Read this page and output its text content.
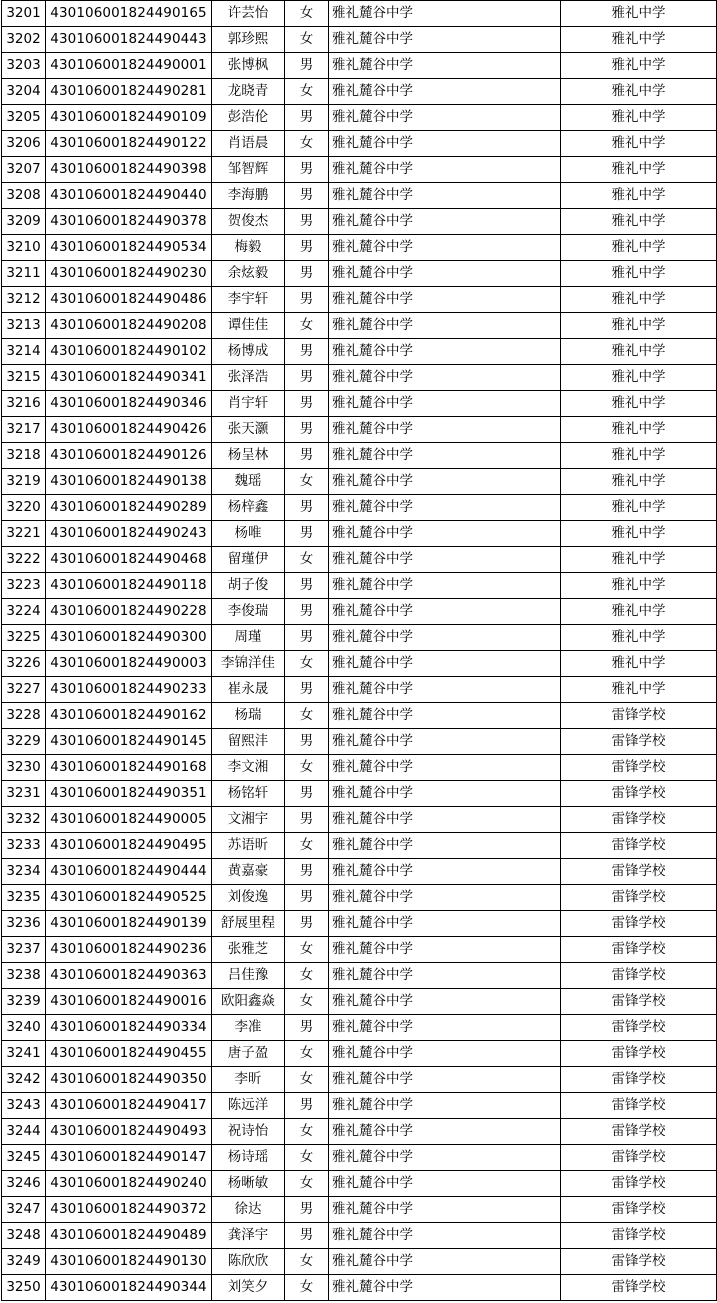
3201	430106001824490165	许芸怡	女	雅礼麓谷中学	雅礼中学
3202	430106001824490443	郭珍熙	女	雅礼麓谷中学	雅礼中学
3203	430106001824490001	张博枫	男	雅礼麓谷中学	雅礼中学
3204	430106001824490281	龙晓青	女	雅礼麓谷中学	雅礼中学
3205	430106001824490109	彭浩伦	男	雅礼麓谷中学	雅礼中学
3206	430106001824490122	肖语晨	女	雅礼麓谷中学	雅礼中学
3207	430106001824490398	邹智辉	男	雅礼麓谷中学	雅礼中学
3208	430106001824490440	李海鹏	男	雅礼麓谷中学	雅礼中学
3209	430106001824490378	贺俊杰	男	雅礼麓谷中学	雅礼中学
3210	430106001824490534	梅毅	男	雅礼麓谷中学	雅礼中学
3211	430106001824490230	余炫毅	男	雅礼麓谷中学	雅礼中学
3212	430106001824490486	李宇轩	男	雅礼麓谷中学	雅礼中学
3213	430106001824490208	谭佳佳	女	雅礼麓谷中学	雅礼中学
3214	430106001824490102	杨博成	男	雅礼麓谷中学	雅礼中学
3215	430106001824490341	张泽浩	男	雅礼麓谷中学	雅礼中学
3216	430106001824490346	肖宇轩	男	雅礼麓谷中学	雅礼中学
3217	430106001824490426	张天灏	男	雅礼麓谷中学	雅礼中学
3218	430106001824490126	杨呈林	男	雅礼麓谷中学	雅礼中学
3219	430106001824490138	魏瑶	女	雅礼麓谷中学	雅礼中学
3220	430106001824490289	杨梓鑫	男	雅礼麓谷中学	雅礼中学
3221	430106001824490243	杨唯	男	雅礼麓谷中学	雅礼中学
3222	430106001824490468	留瑾伊	女	雅礼麓谷中学	雅礼中学
3223	430106001824490118	胡子俊	男	雅礼麓谷中学	雅礼中学
3224	430106001824490228	李俊瑞	男	雅礼麓谷中学	雅礼中学
3225	430106001824490300	周瑾	男	雅礼麓谷中学	雅礼中学
3226	430106001824490003	李锦洋佳	女	雅礼麓谷中学	雅礼中学
3227	430106001824490233	崔永晟	男	雅礼麓谷中学	雅礼中学
3228	430106001824490162	杨瑞	女	雅礼麓谷中学	雷锋学校
3229	430106001824490145	留熙沣	男	雅礼麓谷中学	雷锋学校
3230	430106001824490168	李文湘	女	雅礼麓谷中学	雷锋学校
3231	430106001824490351	杨铭轩	男	雅礼麓谷中学	雷锋学校
3232	430106001824490005	文湘宇	男	雅礼麓谷中学	雷锋学校
3233	430106001824490495	苏语昕	女	雅礼麓谷中学	雷锋学校
3234	430106001824490444	黄嘉豪	男	雅礼麓谷中学	雷锋学校
3235	430106001824490525	刘俊逸	男	雅礼麓谷中学	雷锋学校
3236	430106001824490139	舒展里程	男	雅礼麓谷中学	雷锋学校
3237	430106001824490236	张雅芝	女	雅礼麓谷中学	雷锋学校
3238	430106001824490363	吕佳豫	女	雅礼麓谷中学	雷锋学校
3239	430106001824490016	欧阳鑫焱	女	雅礼麓谷中学	雷锋学校
3240	430106001824490334	李准	男	雅礼麓谷中学	雷锋学校
3241	430106001824490455	唐子盈	女	雅礼麓谷中学	雷锋学校
3242	430106001824490350	李昕	女	雅礼麓谷中学	雷锋学校
3243	430106001824490417	陈远洋	男	雅礼麓谷中学	雷锋学校
3244	430106001824490493	祝诗怡	女	雅礼麓谷中学	雷锋学校
3245	430106001824490147	杨诗瑶	女	雅礼麓谷中学	雷锋学校
3246	430106001824490240	杨晰敏	女	雅礼麓谷中学	雷锋学校
3247	430106001824490372	徐达	男	雅礼麓谷中学	雷锋学校
3248	430106001824490489	龚泽宇	男	雅礼麓谷中学	雷锋学校
3249	430106001824490130	陈欣欣	女	雅礼麓谷中学	雷锋学校
3250	430106001824490344	刘笑夕	女	雅礼麓谷中学	雷锋学校
